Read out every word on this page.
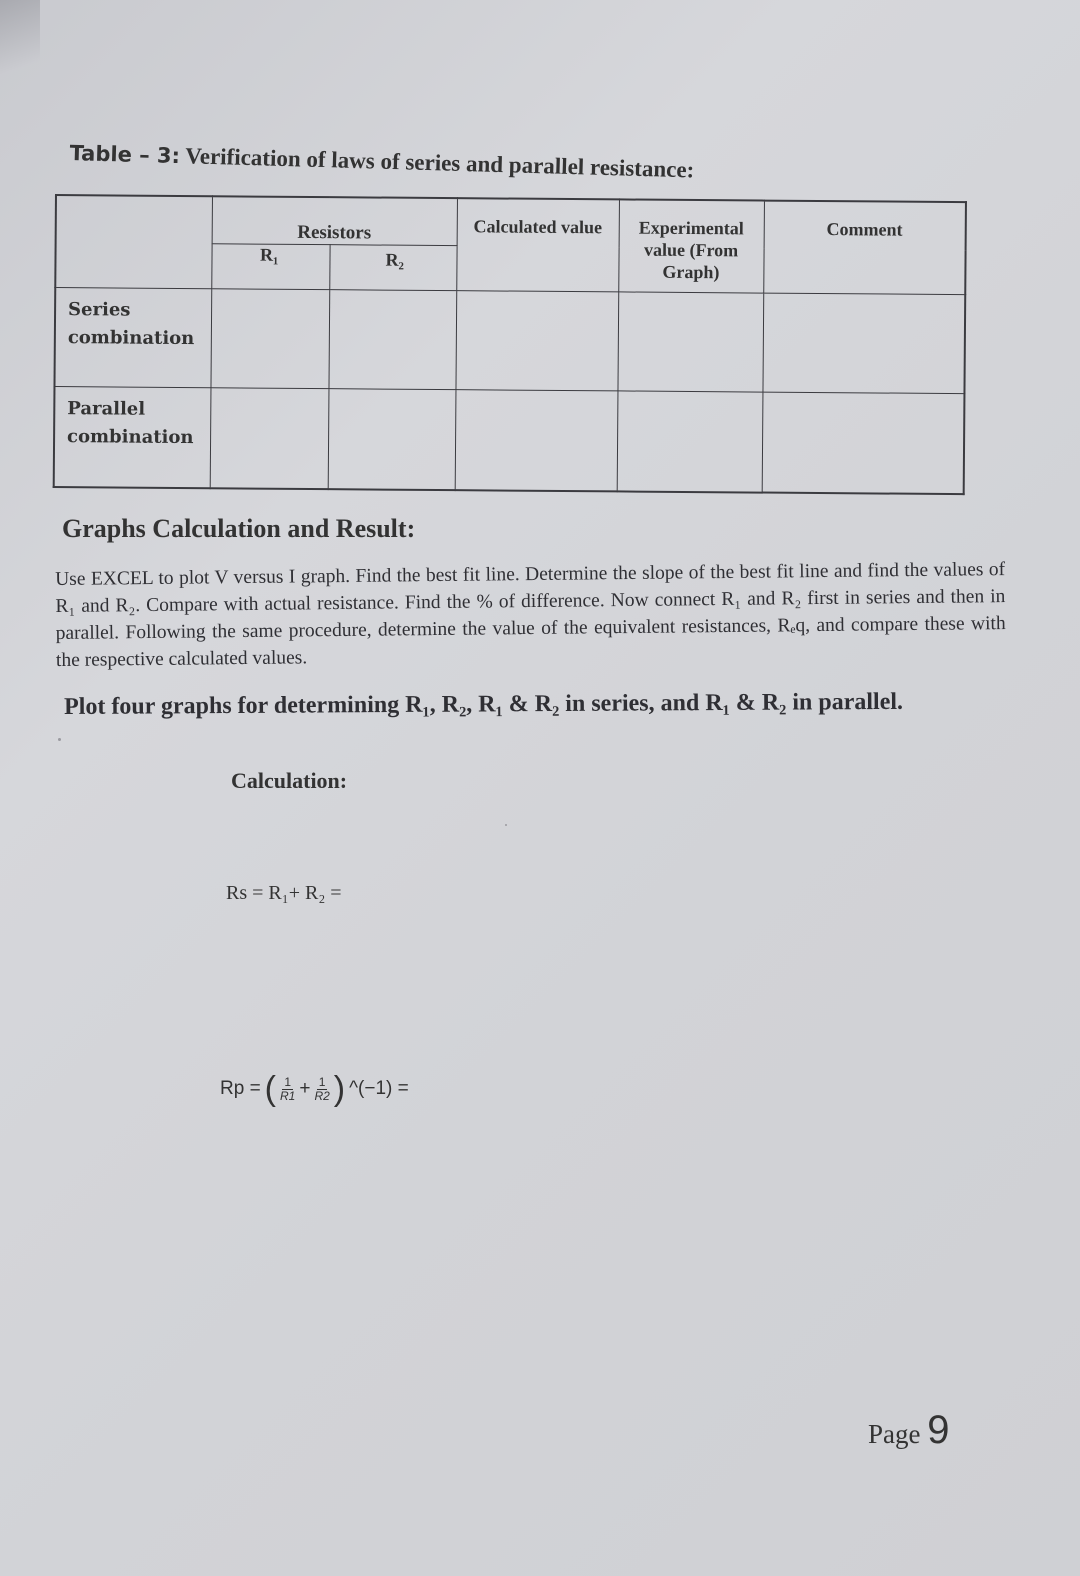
Table – 3: Verification of laws of series and parallel resistance:
	Resistors		Calculated value	Experimental value (From Graph)	Comment
	R₁	R₂			
Series combination					
Parallel combination					
Graphs Calculation and Result:
Use EXCEL to plot V versus I graph. Find the best fit line. Determine the slope of the best fit line and find the values of R₁ and R₂. Compare with actual resistance. Find the % of difference. Now connect R₁ and R₂ first in series and then in parallel. Following the same procedure, determine the value of the equivalent resistances, Rₑq, and compare these with the respective calculated values.
Plot four graphs for determining R₁, R₂, R₁ & R₂ in series, and R₁ & R₂ in parallel.
Calculation:
Rs = R₁+ R₂ =
Rp = ( $\frac{1}{R1} + \frac{1}{R2}$ ) ^(−1) =
Page 9
